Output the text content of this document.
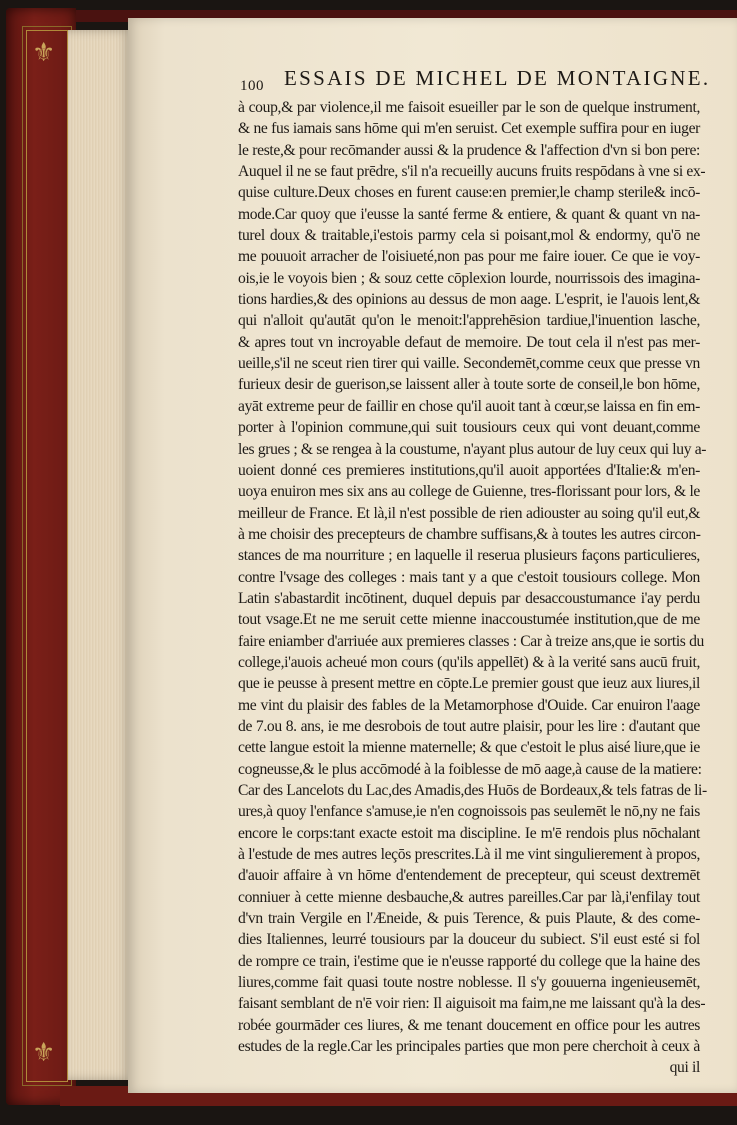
⚜
⚜
100 ESSAIS DE MICHEL DE MONTAIGNE.
à coup,& par violence,il me faisoit esueiller par le son de quelque instrument,
& ne fus iamais sans hōme qui m'en seruist. Cet exemple suffira pour en iuger
le reste,& pour recōmander aussi & la prudence & l'affection d'vn si bon pere:
Auquel il ne se faut prēdre, s'il n'a recueilly aucuns fruits respōdans à vne si ex-
quise culture.Deux choses en furent cause:en premier,le champ sterile& incō-
mode.Car quoy que i'eusse la santé ferme & entiere, & quant & quant vn na-
turel doux & traitable,i'estois parmy cela si poisant,mol & endormy, qu'ō ne
me pouuoit arracher de l'oisiueté,non pas pour me faire iouer. Ce que ie voy-
ois,ie le voyois bien ; & souz cette cōplexion lourde, nourrissois des imagina-
tions hardies,& des opinions au dessus de mon aage. L'esprit, ie l'auois lent,&
qui n'alloit qu'autāt qu'on le menoit:l'apprehēsion tardiue,l'inuention lasche,
& apres tout vn incroyable defaut de memoire. De tout cela il n'est pas mer-
ueille,s'il ne sceut rien tirer qui vaille. Secondemēt,comme ceux que presse vn
furieux desir de guerison,se laissent aller à toute sorte de conseil,le bon hōme,
ayāt extreme peur de faillir en chose qu'il auoit tant à cœur,se laissa en fin em-
porter à l'opinion commune,qui suit tousiours ceux qui vont deuant,comme
les grues ; & se rengea à la coustume, n'ayant plus autour de luy ceux qui luy a-
uoient donné ces premieres institutions,qu'il auoit apportées d'Italie:& m'en-
uoya enuiron mes six ans au college de Guienne, tres-florissant pour lors, & le
meilleur de France. Et là,il n'est possible de rien adiouster au soing qu'il eut,&
à me choisir des precepteurs de chambre suffisans,& à toutes les autres circon-
stances de ma nourriture ; en laquelle il reserua plusieurs façons particulieres,
contre l'vsage des colleges : mais tant y a que c'estoit tousiours college. Mon
Latin s'abastardit incōtinent, duquel depuis par desaccoustumance i'ay perdu
tout vsage.Et ne me seruit cette mienne inaccoustumée institution,que de me
faire eniamber d'arriuée aux premieres classes : Car à treize ans,que ie sortis du
college,i'auois acheué mon cours (qu'ils appellēt) & à la verité sans aucū fruit,
que ie peusse à present mettre en cōpte.Le premier goust que ieuz aux liures,il
me vint du plaisir des fables de la Metamorphose d'Ouide. Car enuiron l'aage
de 7.ou 8. ans, ie me desrobois de tout autre plaisir, pour les lire : d'autant que
cette langue estoit la mienne maternelle; & que c'estoit le plus aisé liure,que ie
cogneusse,& le plus accōmodé à la foiblesse de mō aage,à cause de la matiere:
Car des Lancelots du Lac,des Amadis,des Huōs de Bordeaux,& tels fatras de li-
ures,à quoy l'enfance s'amuse,ie n'en cognoissois pas seulemēt le nō,ny ne fais
encore le corps:tant exacte estoit ma discipline. Ie m'ē rendois plus nōchalant
à l'estude de mes autres leçōs prescrites.Là il me vint singulierement à propos,
d'auoir affaire à vn hōme d'entendement de precepteur, qui sceust dextremēt
conniuer à cette mienne desbauche,& autres pareilles.Car par là,i'enfilay tout
d'vn train Vergile en l'Æneide, & puis Terence, & puis Plaute, & des come-
dies Italiennes, leurré tousiours par la douceur du subiect. S'il eust esté si fol
de rompre ce train, i'estime que ie n'eusse rapporté du college que la haine des
liures,comme fait quasi toute nostre noblesse. Il s'y gouuerna ingenieusemēt,
faisant semblant de n'ē voir rien: Il aiguisoit ma faim,ne me laissant qu'à la des-
robée gourmāder ces liures, & me tenant doucement en office pour les autres
estudes de la regle.Car les principales parties que mon pere cherchoit à ceux à
qui il
